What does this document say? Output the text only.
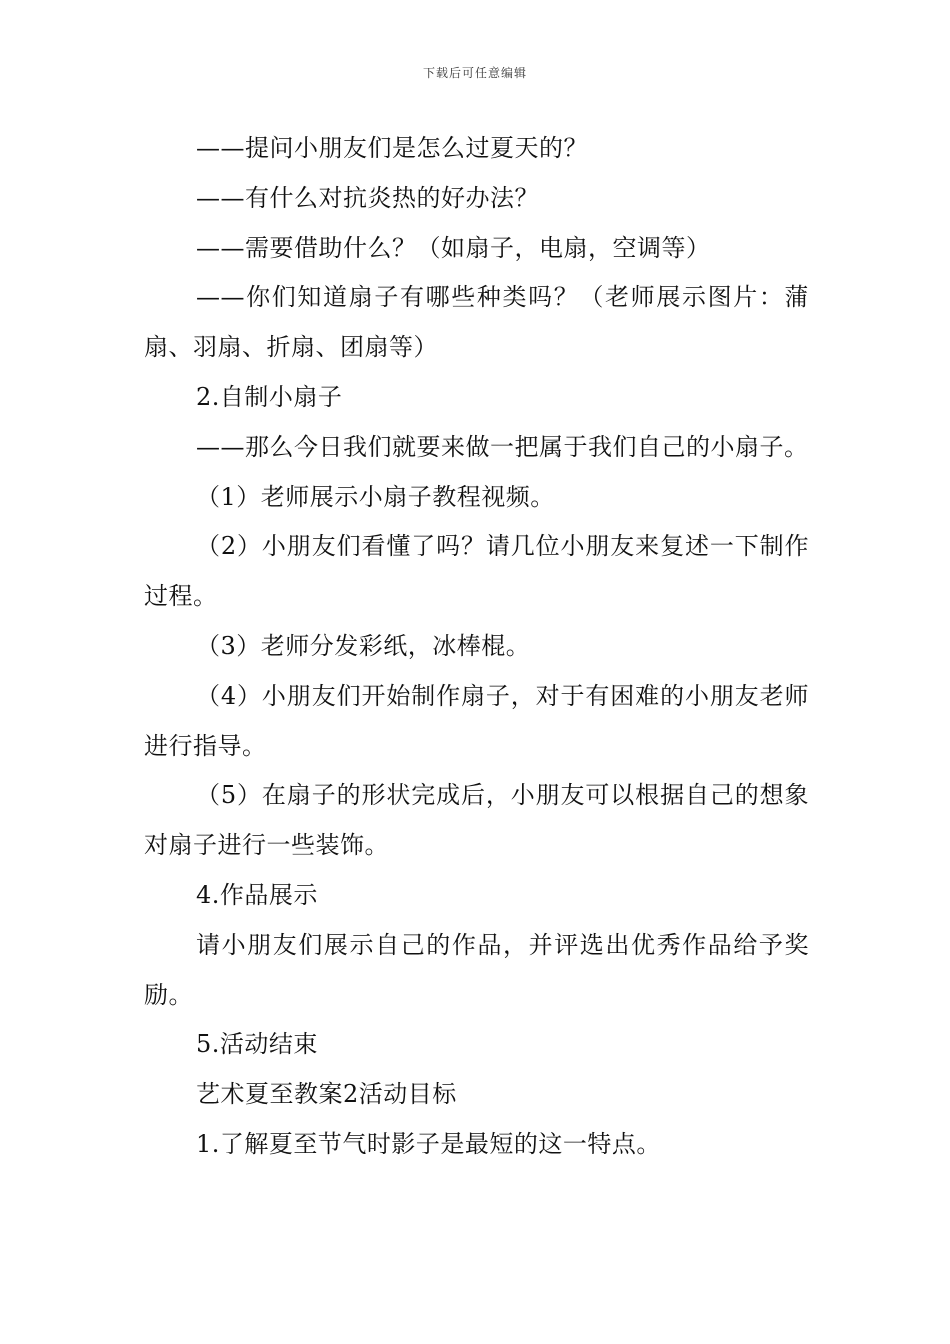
下载后可任意编辑

——提问小朋友们是怎么过夏天的？

——有什么对抗炎热的好办法？

——需要借助什么？（如扇子，电扇，空调等）

——你们知道扇子有哪些种类吗？（老师展示图片：蒲扇、羽扇、折扇、团扇等）

2.自制小扇子

——那么今日我们就要来做一把属于我们自己的小扇子。

（1）老师展示小扇子教程视频。

（2）小朋友们看懂了吗？请几位小朋友来复述一下制作过程。

（3）老师分发彩纸，冰棒棍。

（4）小朋友们开始制作扇子，对于有困难的小朋友老师进行指导。

（5）在扇子的形状完成后，小朋友可以根据自己的想象对扇子进行一些装饰。

4.作品展示

请小朋友们展示自己的作品，并评选出优秀作品给予奖励。

5.活动结束

艺术夏至教案2活动目标

1.了解夏至节气时影子是最短的这一特点。
